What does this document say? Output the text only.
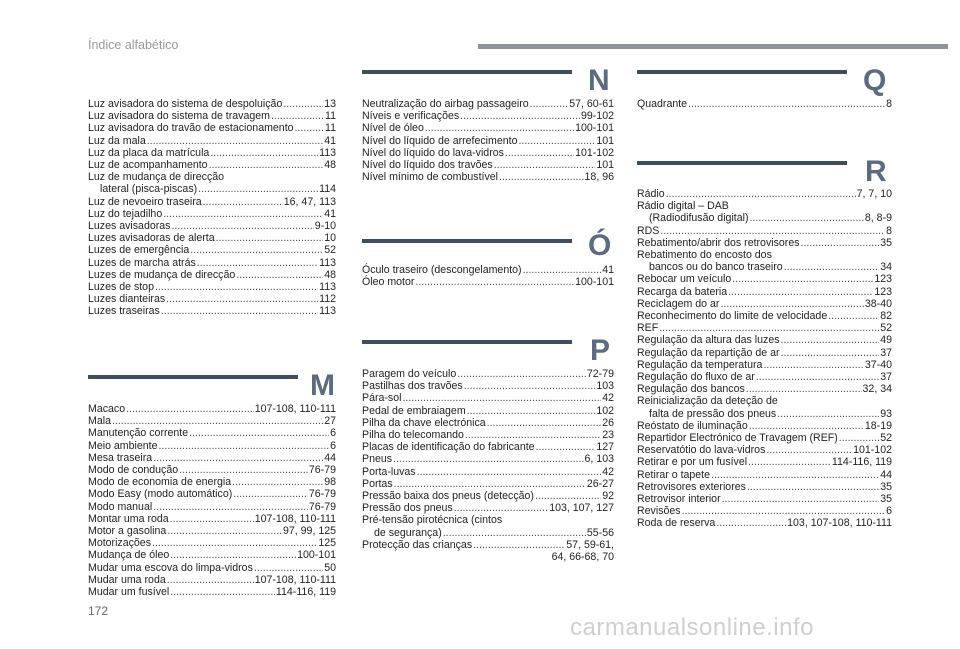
Índice alfabético
Luz avisadora do sistema de despoluição .....	13
Luz avisadora do sistema de travagem .....	11
Luz avisadora do travão de estacionamento .....	11
Luz da mala .....	41
Luz da placa da matrícula .....	113
Luz de acompanhamento .....	48
Luz de mudança de direcção
lateral (pisca-piscas) .....	114
Luz de nevoeiro traseira .....	16, 47, 113
Luz do tejadilho .....	41
Luzes avisadoras .....	9-10
Luzes avisadoras de alerta .....	10
Luzes de emergência .....	52
Luzes de marcha atrás .....	113
Luzes de mudança de direcção .....	48
Luzes de stop .....	113
Luzes dianteiras .....	112
Luzes traseiras .....	113
M
Macaco .....	107-108, 110-111
Mala .....	27
Manutenção corrente .....	6
Meio ambiente .....	6
Mesa traseira .....	44
Modo de condução .....	76-79
Modo de economia de energia .....	98
Modo Easy (modo automático) .....	76-79
Modo manual .....	76-79
Montar uma roda .....	107-108, 110-111
Motor a gasolina .....	97, 99, 125
Motorizações .....	125
Mudança de óleo .....	100-101
Mudar uma escova do limpa-vidros .....	50
Mudar uma roda .....	107-108, 110-111
Mudar um fusível .....	114-116, 119
N
Neutralização do airbag passageiro .....	57, 60-61
Níveis e verificações .....	99-102
Nível de óleo .....	100-101
Nível do líquido de arrefecimento .....	101
Nível do líquido do lava-vidros .....	101-102
Nível do líquido dos travões .....	101
Nível mínimo de combustível .....	18, 96
Ó
Óculo traseiro (descongelamento) .....	41
Óleo motor .....	100-101
P
Paragem do veículo .....	72-79
Pastilhas dos travões .....	103
Pára-sol .....	42
Pedal de embraiagem .....	102
Pilha da chave electrónica .....	26
Pilha do telecomando .....	23
Placas de identificação do fabricante .....	127
Pneus .....	6, 103
Porta-luvas .....	42
Portas .....	26-27
Pressão baixa dos pneus (detecção) .....	92
Pressão dos pneus .....	103, 107, 127
Pré-tensão pirotécnica (cintos
de segurança) .....	55-56
Protecção das crianças .....	57, 59-61,
64, 66-68, 70
Q
Quadrante .....	8
R
Rádio .....	7, 7, 10
Rádio digital – DAB
(Radiodifusão digital) .....	8, 8-9
RDS .....	8
Rebatimento/abrir dos retrovisores .....	35
Rebatimento do encosto dos
bancos ou do banco traseiro .....	34
Rebocar um veículo .....	123
Recarga da bateria .....	123
Reciclagem do ar .....	38-40
Reconhecimento do limite de velocidade .....	82
REF .....	52
Regulação da altura das luzes .....	49
Regulação da repartição de ar .....	37
Regulação da temperatura .....	37-40
Regulação do fluxo de ar .....	37
Regulação dos bancos .....	32, 34
Reinicialização da deteção de
falta de pressão dos pneus .....	93
Reóstato de iluminação .....	18-19
Repartidor Electrónico de Travagem (REF) .....	52
Reservatótio do lava-vidros .....	101-102
Retirar e por um fusível .....	114-116, 119
Retirar o tapete .....	44
Retrovisores exteriores .....	35
Retrovisor interior .....	35
Revisões .....	6
Roda de reserva .....	103, 107-108, 110-111
172
carmanualsonline.info
